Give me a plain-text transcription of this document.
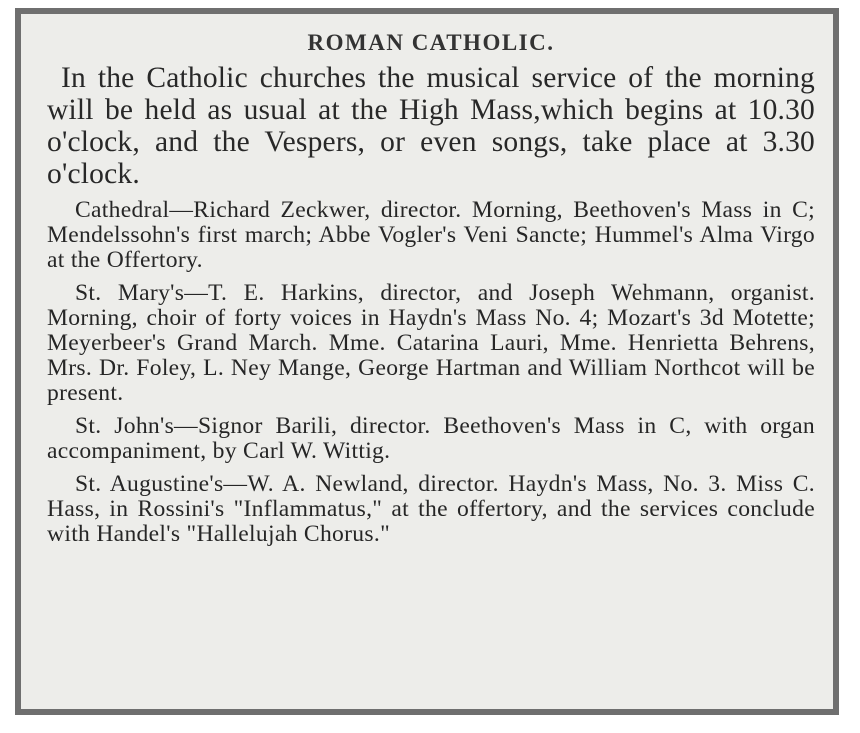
ROMAN CATHOLIC.

In the Catholic churches the musical service of the morning will be held as usual at the High Mass,which begins at 10.30 o'clock, and the Vespers, or even songs, take place at 3.30 o'clock.

Cathedral—Richard Zeckwer, director. Morning, Beethoven's Mass in C; Mendelssohn's first march; Abbe Vogler's Veni Sancte; Hummel's Alma Virgo at the Offertory.

St. Mary's—T. E. Harkins, director, and Joseph Wehmann, organist. Morning, choir of forty voices in Haydn's Mass No. 4; Mozart's 3d Motette; Meyerbeer's Grand March. Mme. Catarina Lauri, Mme. Henrietta Behrens, Mrs. Dr. Foley, L. Ney Mange, George Hartman and William Northcot will be present.

St. John's—Signor Barili, director. Beethoven's Mass in C, with organ accompaniment, by Carl W. Wittig.

St. Augustine's—W. A. Newland, director. Haydn's Mass, No. 3. Miss C. Hass, in Rossini's "Inflammatus," at the offertory, and the services conclude with Handel's "Hallelujah Chorus."
